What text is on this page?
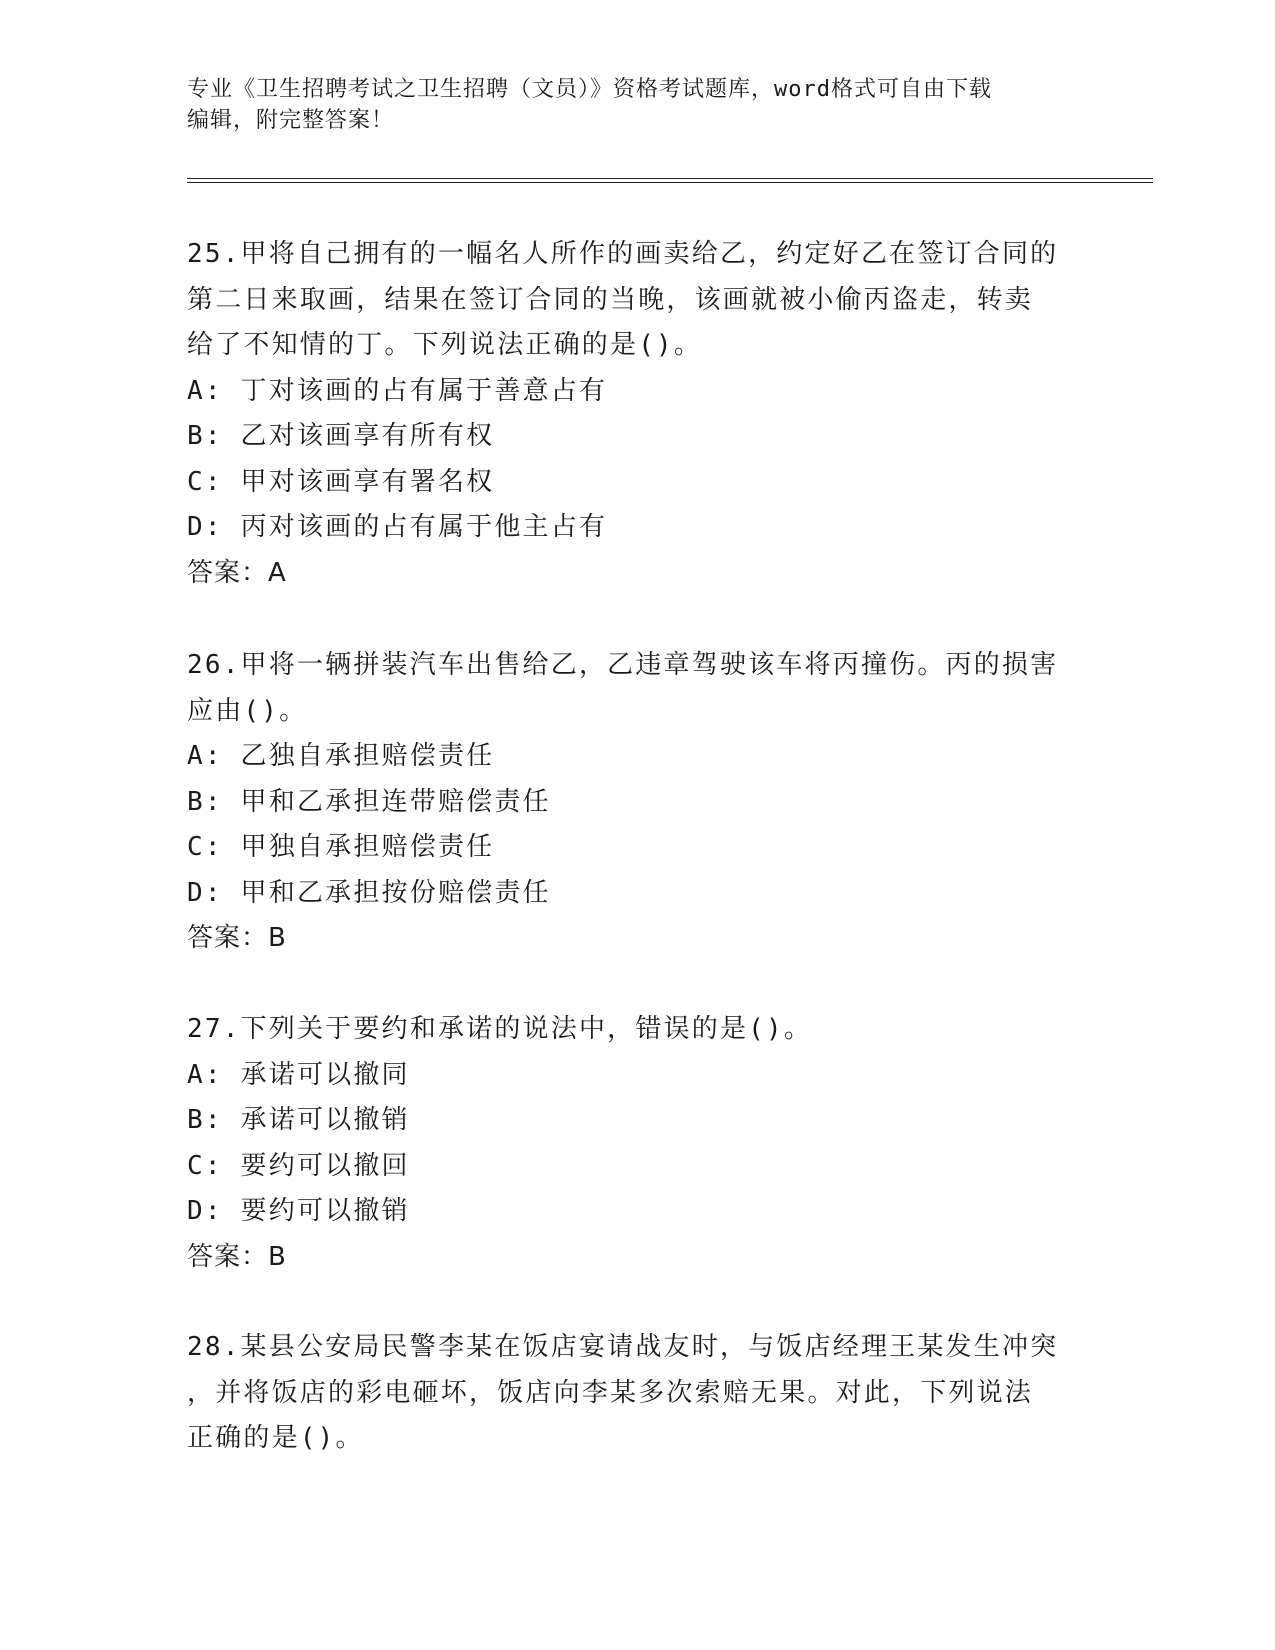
专业《卫生招聘考试之卫生招聘（文员）》资格考试题库，word格式可自由下载
编辑，附完整答案！
25.甲将自己拥有的一幅名人所作的画卖给乙，约定好乙在签订合同的
第二日来取画，结果在签订合同的当晚，该画就被小偷丙盗走，转卖
给了不知情的丁。下列说法正确的是()。
A: 丁对该画的占有属于善意占有
B: 乙对该画享有所有权
C: 甲对该画享有署名权
D: 丙对该画的占有属于他主占有
答案：A
26.甲将一辆拼装汽车出售给乙，乙违章驾驶该车将丙撞伤。丙的损害
应由()。
A: 乙独自承担赔偿责任
B: 甲和乙承担连带赔偿责任
C: 甲独自承担赔偿责任
D: 甲和乙承担按份赔偿责任
答案：B
27.下列关于要约和承诺的说法中，错误的是()。
A: 承诺可以撤同
B: 承诺可以撤销
C: 要约可以撤回
D: 要约可以撤销
答案：B
28.某县公安局民警李某在饭店宴请战友时，与饭店经理王某发生冲突
，并将饭店的彩电砸坏，饭店向李某多次索赔无果。对此，下列说法
正确的是()。
